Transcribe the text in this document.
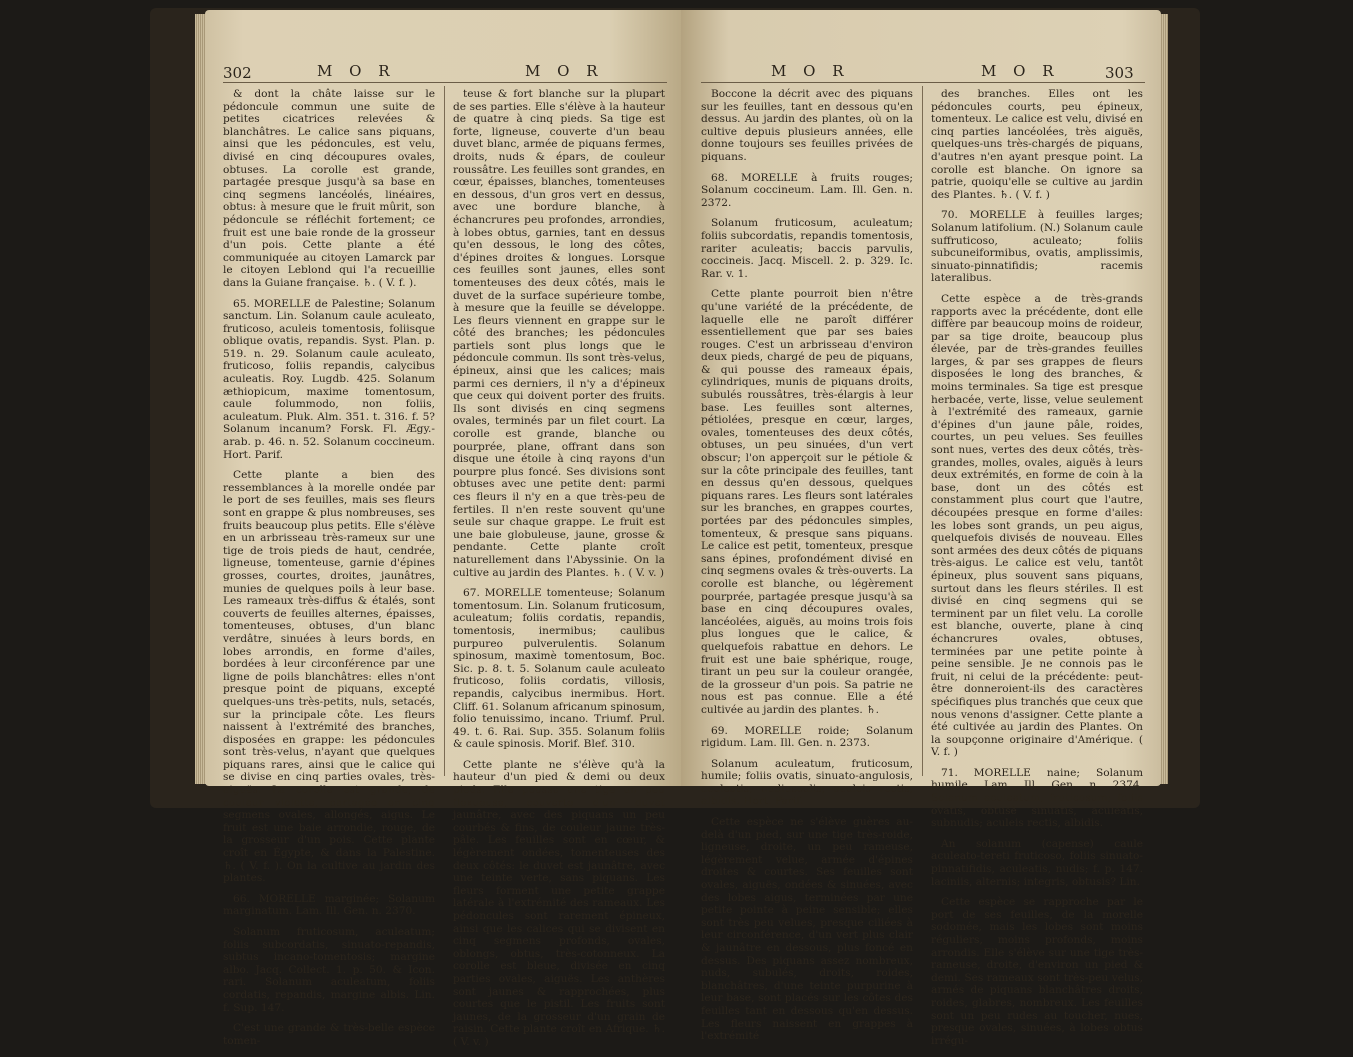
302	M O R	M O R

& dont la châte laisse sur le pédoncule commun une suite de petites cicatrices relevées & blanchâtres. Le calice sans piquans, ainsi que les pédoncules, est velu, divisé en cinq découpures ovales, obtuses. La corolle est grande, partagée presque jusqu'à sa base en cinq segmens lancéolés, linéaires, obtus: à mesure que le fruit mûrit, son pédoncule se réfléchit fortement; ce fruit est une baie ronde de la grosseur d'un pois. Cette plante a été communiquée au citoyen Lamarck par le citoyen Leblond qui l'a recueillie dans la Guiane française. ♄. ( V. f. ).

65. MORELLE de Palestine; Solanum sanctum. Lin. Solanum caule aculeato, fruticoso, aculeis tomentosis, foliisque oblique ovatis, repandis. Syst. Plan. p. 519. n. 29. Solanum caule aculeato, fruticoso, foliis repandis, calycibus aculeatis. Roy. Lugdb. 425. Solanum æthiopicum, maxime tomentosum, caule folummodo, non foliis, aculeatum. Pluk. Alm. 351. t. 316. f. 5? Solanum incanum? Forsk. Fl. Ægy.-arab. p. 46. n. 52. Solanum coccineum. Hort. Parif.

Cette plante a bien des ressemblances à la morelle ondée par le port de ses feuilles, mais ses fleurs sont en grappe & plus nombreuses, ses fruits beaucoup plus petits. Elle s'élève en un arbrisseau très-rameux sur une tige de trois pieds de haut, cendrée, ligneuse, tomenteuse, garnie d'épines grosses, courtes, droites, jaunâtres, munies de quelques poils à leur base. Les rameaux très-diffus & étalés, sont couverts de feuilles alternes, épaisses, tomenteuses, obtuses, d'un blanc verdâtre, sinuées à leurs bords, en lobes arrondis, en forme d'ailes, bordées à leur circonférence par une ligne de poils blanchâtres: elles n'ont presque point de piquans, excepté quelques-uns très-petits, nuls, setacés, sur la principale côte. Les fleurs naissent à l'extrémité des branches, disposées en grappe: les pédoncules sont très-velus, n'ayant que quelques piquans rares, ainsi que le calice qui se divise en cinq parties ovales, très-aiguës. La corolle est grande, de couleur violette, partagée en cinq segmens ovales, allongés, aigus. Le fruit est une baie arrondie, rouge, de la grosseur d'un pois. Cette plante croît en Égypte, & dans la Palestine. ♄. ( V. f. ). On la cultive au jardin des plantes.

66. MORELLE marginée; Solanum marginatum. Lam. Ill. Gen. n. 2370.

Solanum fruticosum, aculeatum; foliis subcordatis, sinuato-repandis, subtus incano-tomentosis; margine albo. Jacq. Collect. 1. p. 50. & Icon. rari. Solanum aculeatum, foliis cordatis, repandis, margine albis. Lin. f. Sup. 147.

C'est une grande & très-belle espèce tomen-

teuse & fort blanche sur la plupart de ses parties. Elle s'élève à la hauteur de quatre à cinq pieds. Sa tige est forte, ligneuse, couverte d'un beau duvet blanc, armée de piquans fermes, droits, nuds & épars, de couleur roussâtre. Les feuilles sont grandes, en cœur, épaisses, blanches, tomenteuses en dessous, d'un gros vert en dessus, avec une bordure blanche, à échancrures peu profondes, arrondies, à lobes obtus, garnies, tant en dessus qu'en dessous, le long des côtes, d'épines droites & longues. Lorsque ces feuilles sont jaunes, elles sont tomenteuses des deux côtés, mais le duvet de la surface supérieure tombe, à mesure que la feuille se développe. Les fleurs viennent en grappe sur le côté des branches; les pédoncules partiels sont plus longs que le pédoncule commun. Ils sont très-velus, épineux, ainsi que les calices; mais parmi ces derniers, il n'y a d'épineux que ceux qui doivent porter des fruits. Ils sont divisés en cinq segmens ovales, terminés par un filet court. La corolle est grande, blanche ou pourprée, plane, offrant dans son disque une étoile à cinq rayons d'un pourpre plus foncé. Ses divisions sont obtuses avec une petite dent: parmi ces fleurs il n'y en a que très-peu de fertiles. Il n'en reste souvent qu'une seule sur chaque grappe. Le fruit est une baie globuleuse, jaune, grosse & pendante. Cette plante croît naturellement dans l'Abyssinie. On la cultive au jardin des Plantes. ♄. ( V. v. )

67. MORELLE tomenteuse; Solanum tomentosum. Lin. Solanum fruticosum, aculeatum; foliis cordatis, repandis, tomentosis, inermibus; caulibus purpureo pulverulentis. Solanum spinosum, maximè tomentosum, Boc. Sic. p. 8. t. 5. Solanum caule aculeato fruticoso, foliis cordatis, villosis, repandis, calycibus inermibus. Hort. Cliff. 61. Solanum africanum spinosum, folio tenuissimo, incano. Triumf. Prul. 49. t. 6. Rai. Sup. 355. Solanum foliis & caule spinosis. Morif. Blef. 310.

Cette plante ne s'élève qu'à la hauteur d'un pied & demi ou deux pieds. Elle pousse une tige un peu flexueuse, couverte d'un duvet jaunâtre, avec des piquans un peu courbés & fins, de couleur jaune très-pâle. Les feuilles sont en cœur, & légèrement ondées, tomenteuses des deux côtés: le duvet est jaunâtre, avec une teinte verte, sans piquans. Les fleurs forment une petite grappe latérale à l'extrémité des rameaux. Les pédoncules sont rarement épineux, ainsi que les calices qui se divisent en cinq segmens profonds, ovales, oblongs, obtus, très-cotonneux. La corolle est bleue, divisée en cinq parties ovales, aiguës. Les anthères sont jaunes & rapprochées, plus courtes que le pistil. Les fruits sont jaunes, de la grosseur d'un grain de raisin. Cette plante croît en Afrique. ♄. ( V. v. )

M O R	M O R	303

Boccone la décrit avec des piquans sur les feuilles, tant en dessous qu'en dessus. Au jardin des plantes, où on la cultive depuis plusieurs années, elle donne toujours ses feuilles privées de piquans.

68. MORELLE à fruits rouges; Solanum coccineum. Lam. Ill. Gen. n. 2372.

Solanum fruticosum, aculeatum; foliis subcordatis, repandis tomentosis, rariter aculeatis; baccis parvulis, coccineis. Jacq. Miscell. 2. p. 329. Ic. Rar. v. 1.

Cette plante pourroit bien n'être qu'une variété de la précédente, de laquelle elle ne paroît différer essentiellement que par ses baies rouges. C'est un arbrisseau d'environ deux pieds, chargé de peu de piquans, & qui pousse des rameaux épais, cylindriques, munis de piquans droits, subulés roussâtres, très-élargis à leur base. Les feuilles sont alternes, pétiolées, presque en cœur, larges, ovales, tomenteuses des deux côtés, obtuses, un peu sinuées, d'un vert obscur; l'on apperçoit sur le pétiole & sur la côte principale des feuilles, tant en dessus qu'en dessous, quelques piquans rares. Les fleurs sont latérales sur les branches, en grappes courtes, portées par des pédoncules simples, tomenteux, & presque sans piquans. Le calice est petit, tomenteux, presque sans épines, profondément divisé en cinq segmens ovales & très-ouverts. La corolle est blanche, ou légèrement pourprée, partagée presque jusqu'à sa base en cinq découpures ovales, lancéolées, aiguës, au moins trois fois plus longues que le calice, & quelquefois rabattue en dehors. Le fruit est une baie sphérique, rouge, tirant un peu sur la couleur orangée, de la grosseur d'un pois. Sa patrie ne nous est pas connue. Elle a été cultivée au jardin des plantes. ♄.

69. MORELLE roide; Solanum rigidum. Lam. Ill. Gen. n. 2373.

Solanum aculeatum, fruticosum, humile; foliis ovatis, sinuato-angulosis, aculeatis, nudiusculis; aculeis rectis, albidis. Hort. Parif.

Cette espèce ne s'élève guères au-delà d'un pied, sur une tige très-roide, ligneuse, droite, un peu rameuse, légèrement velue, armée d'épines droites & courtes. Ses feuilles sont ovales, aiguës, ondées & sinuées, avec des lobes aigus, terminées par une petite pointe à peine sensible; elles sont très peu velues, presque ciliées à leur circonférence, d'un vert plus clair & jaunâtre en dessous, plus foncé en dessus. Des piquans assez nombreux, nuds, subulés, droits, roides, blanchâtres, d'une teinte purpurine à leur base, sont placés sur les côtes des feuilles tant en dessous qu'en dessus. Les fleurs naissent en grappes à l'extrémité

des branches. Elles ont les pédoncules courts, peu épineux, tomenteux. Le calice est velu, divisé en cinq parties lancéolées, très aiguës, quelques-uns très-chargés de piquans, d'autres n'en ayant presque point. La corolle est blanche. On ignore sa patrie, quoiqu'elle se cultive au jardin des Plantes. ♄. ( V. f. )

70. MORELLE à feuilles larges; Solanum latifolium. (N.) Solanum caule suffruticoso, aculeato; foliis subcuneiformibus, ovatis, amplissimis, sinuato-pinnatifidis; racemis lateralibus.

Cette espèce a de très-grands rapports avec la précédente, dont elle diffère par beaucoup moins de roideur, par sa tige droite, beaucoup plus élevée, par de très-grandes feuilles larges, & par ses grappes de fleurs disposées le long des branches, & moins terminales. Sa tige est presque herbacée, verte, lisse, velue seulement à l'extrémité des rameaux, garnie d'épines d'un jaune pâle, roides, courtes, un peu velues. Ses feuilles sont nues, vertes des deux côtés, très-grandes, molles, ovales, aiguës à leurs deux extrémités, en forme de coin à la base, dont un des côtés est constamment plus court que l'autre, découpées presque en forme d'ailes: les lobes sont grands, un peu aigus, quelquefois divisés de nouveau. Elles sont armées des deux côtés de piquans très-aigus. Le calice est velu, tantôt épineux, plus souvent sans piquans, surtout dans les fleurs stériles. Il est divisé en cinq segmens qui se terminent par un filet velu. La corolle est blanche, ouverte, plane à cinq échancrures ovales, obtuses, terminées par une petite pointe à peine sensible. Je ne connois pas le fruit, ni celui de la précédente: peut-être donneroient-ils des caractères spécifiques plus tranchés que ceux que nous venons d'assigner. Cette plante a été cultivée au jardin des Plantes. On la soupçonne originaire d'Amérique. ( V. f. )

71. MORELLE naine; Solanum humile. Lam. Ill. Gen. n. 2374. Solanum aculeatum, fruticosum; foliis ovatis, obtusè sinuatis, aculeatis, subnudis; aculeis rectis, albidis.

An solanum (capense) caule aculeato-tereti fruticoso, foliis sinuato-pinnatifidis, aculeatis, nudis; f. p. 147. laciniis, alternis; integris, obtusis? Lin.

Cette espèce se rapproche par le port de ses feuilles, de la morelle sodomée, mais les lobes sont moins réguliers, moins profonds, moins arrondis. Elle s'élève sur une tige très-rameuse, droite, d'environ un pied & demi. Ses rameaux sont très-peu velus, armés de piquans blanchâtres droits, roides, glabres, nombreux. Les feuilles sont un peu rudes au toucher, nues, presque ovales, sinuées, à lobes obtus irrégu-
